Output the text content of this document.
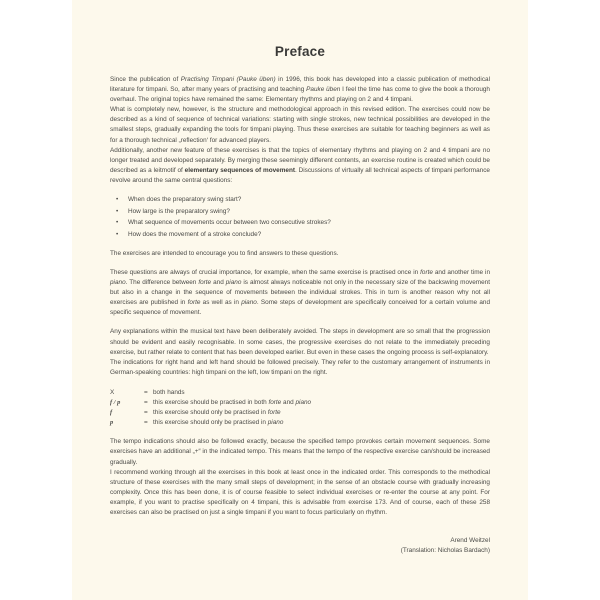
Preface

Since the publication of Practising Timpani (Pauke üben) in 1996, this book has developed into a classic publication of methodical literature for timpani. So, after many years of practising and teaching Pauke üben I feel the time has come to give the book a thorough overhaul. The original topics have remained the same: Elementary rhythms and playing on 2 and 4 timpani.

What is completely new, however, is the structure and methodological approach in this revised edition. The exercises could now be described as a kind of sequence of technical variations: starting with single strokes, new technical possibilities are developed in the smallest steps, gradually expanding the tools for timpani playing. Thus these exercises are suitable for teaching beginners as well as for a thorough technical „reflection‘ for advanced players.

Additionally, another new feature of these exercises is that the topics of elementary rhythms and playing on 2 and 4 timpani are no longer treated and developed separately. By merging these seemingly different contents, an exercise routine is created which could be described as a leitmotif of elementary sequences of movement. Discussions of virtually all technical aspects of timpani performance revolve around the same central questions:

• When does the preparatory swing start?
• How large is the preparatory swing?
• What sequence of movements occur between two consecutive strokes?
• How does the movement of a stroke conclude?

The exercises are intended to encourage you to find answers to these questions.

These questions are always of crucial importance, for example, when the same exercise is practised once in forte and another time in piano. The difference between forte and piano is almost always noticeable not only in the necessary size of the backswing movement but also in a change in the sequence of movements between the individual strokes. This in turn is another reason why not all exercises are published in forte as well as in piano. Some steps of development are specifically conceived for a certain volume and specific sequence of movement.

Any explanations within the musical text have been deliberately avoided. The steps in development are so small that the progression should be evident and easily recognisable. In some cases, the progressive exercises do not relate to the immediately preceding exercise, but rather relate to content that has been developed earlier. But even in these cases the ongoing process is self-explanatory.

The indications for right hand and left hand should be followed precisely. They refer to the customary arrangement of instruments in German-speaking countries: high timpani on the left, low timpani on the right.

X	=	both hands
f / p	=	this exercise should be practised in both forte and piano
f	=	this exercise should only be practised in forte
p	=	this exercise should only be practised in piano

The tempo indications should also be followed exactly, because the specified tempo provokes certain movement sequences. Some exercises have an additional „+“ in the indicated tempo. This means that the tempo of the respective exercise can/should be increased gradually.

I recommend working through all the exercises in this book at least once in the indicated order. This corresponds to the methodical structure of these exercises with the many small steps of development; in the sense of an obstacle course with gradually increasing complexity. Once this has been done, it is of course feasible to select individual exercises or re-enter the course at any point. For example, if you want to practise specifically on 4 timpani, this is advisable from exercise 173. And of course, each of these 258 exercises can also be practised on just a single timpani if you want to focus particularly on rhythm.

Arend Weitzel
(Translation: Nicholas Bardach)
